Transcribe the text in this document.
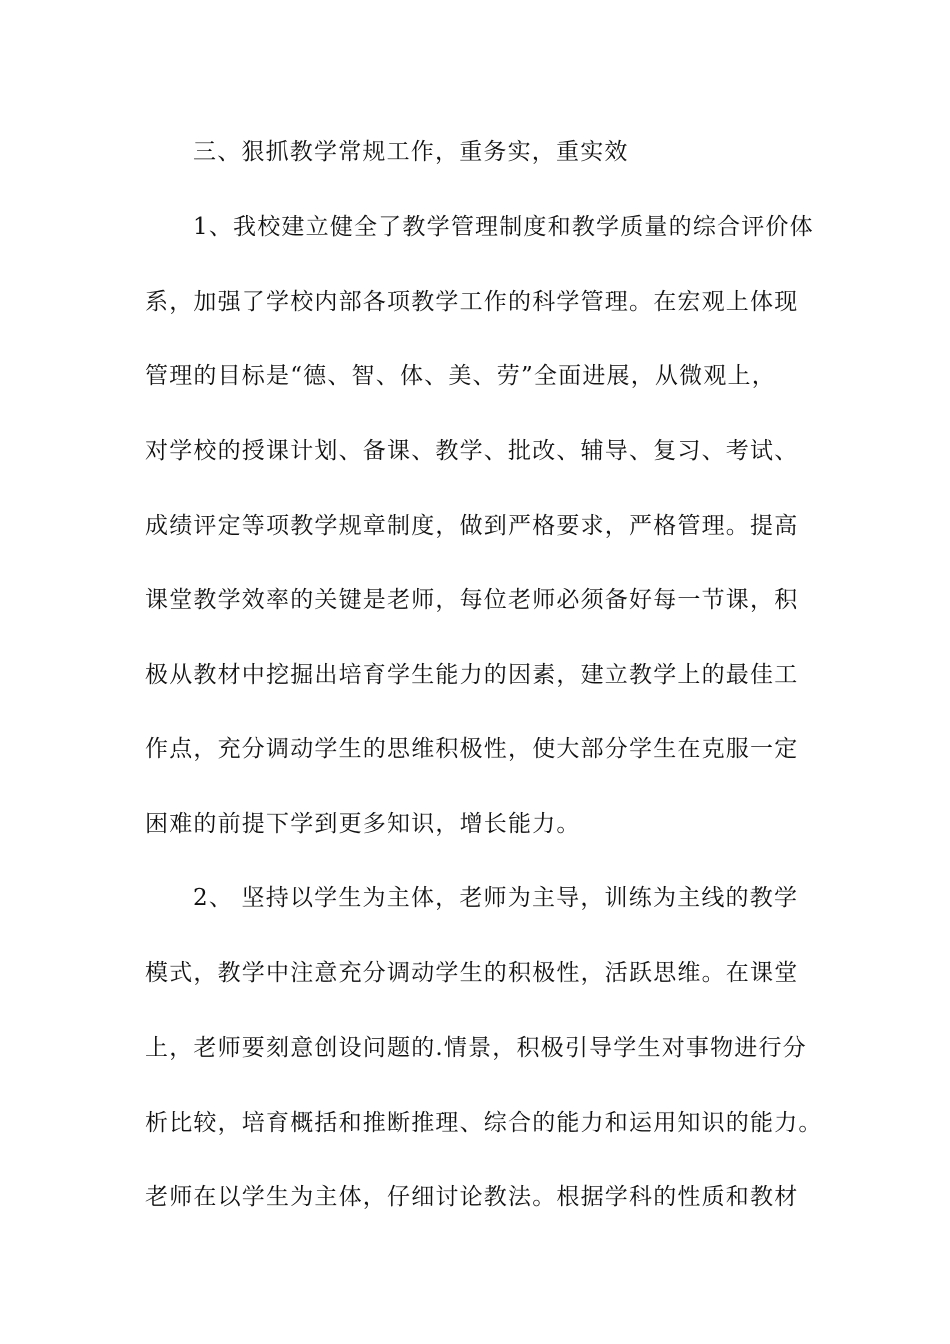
三、狠抓教学常规工作，重务实，重实效
1、我校建立健全了教学管理制度和教学质量的综合评价体
系，加强了学校内部各项教学工作的科学管理。在宏观上体现
管理的目标是“德、智、体、美、劳”全面进展，从微观上，
对学校的授课计划、备课、教学、批改、辅导、复习、考试、
成绩评定等项教学规章制度，做到严格要求，严格管理。提高
课堂教学效率的关键是老师，每位老师必须备好每一节课，积
极从教材中挖掘出培育学生能力的因素，建立教学上的最佳工
作点，充分调动学生的思维积极性，使大部分学生在克服一定
困难的前提下学到更多知识，增长能力。
2、 坚持以学生为主体，老师为主导，训练为主线的教学
模式，教学中注意充分调动学生的积极性，活跃思维。在课堂
上，老师要刻意创设问题的.情景，积极引导学生对事物进行分
析比较，培育概括和推断推理、综合的能力和运用知识的能力。
老师在以学生为主体，仔细讨论教法。根据学科的性质和教材
